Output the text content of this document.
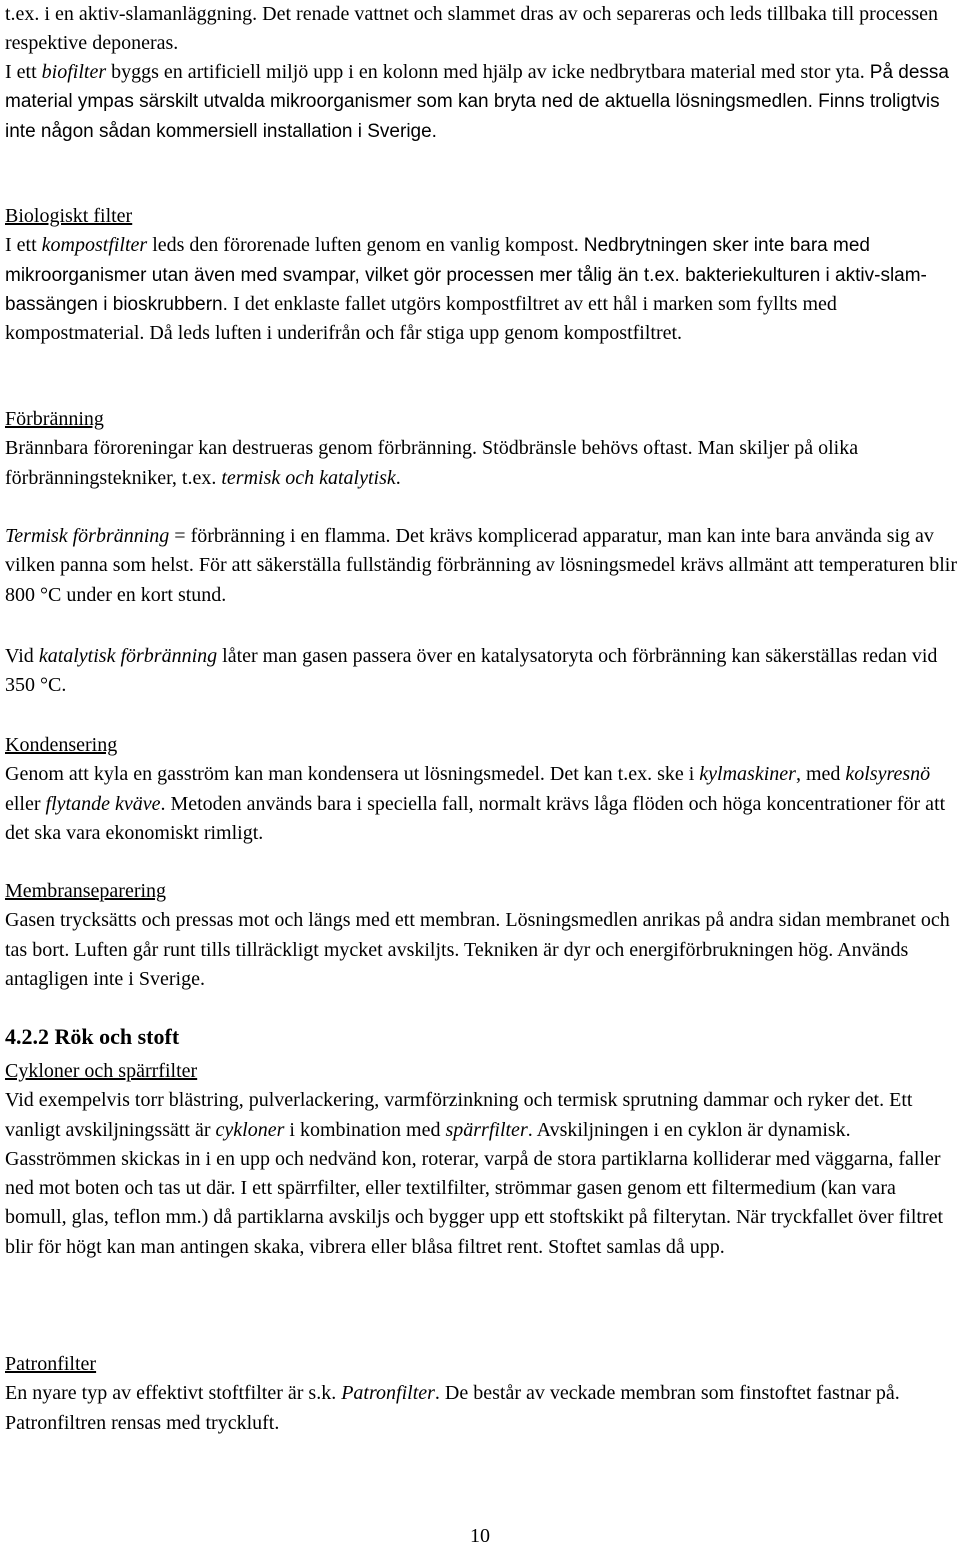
t.ex. i en aktiv-slamanläggning. Det renade vattnet och slammet dras av och separeras och leds tillbaka till processen respektive deponeras.

I ett biofilter byggs en artificiell miljö upp i en kolonn med hjälp av icke nedbrytbara material med stor yta. På dessa material ympas särskilt utvalda mikroorganismer som kan bryta ned de aktuella lösningsmedlen. Finns troligtvis inte någon sådan kommersiell installation i Sverige.

Biologiskt filter
I ett kompostfilter leds den förorenade luften genom en vanlig kompost. Nedbrytningen sker inte bara med mikroorganismer utan även med svampar, vilket gör processen mer tålig än t.ex. bakteriekulturen i aktiv-slam-bassängen i bioskrubbern. I det enklaste fallet utgörs kompostfiltret av ett hål i marken som fyllts med kompostmaterial. Då leds luften i underifrån och får stiga upp genom kompostfiltret.

Förbränning
Brännbara föroreningar kan destrueras genom förbränning. Stödbränsle behövs oftast. Man skiljer på olika förbränningstekniker, t.ex. termisk och katalytisk.

Termisk förbränning = förbränning i en flamma. Det krävs komplicerad apparatur, man kan inte bara använda sig av vilken panna som helst. För att säkerställa fullständig förbränning av lösningsmedel krävs allmänt att temperaturen blir 800 °C under en kort stund.

Vid katalytisk förbränning låter man gasen passera över en katalysatoryta och förbränning kan säkerställas redan vid 350 °C.

Kondensering
Genom att kyla en gasström kan man kondensera ut lösningsmedel. Det kan t.ex. ske i kylmaskiner, med kolsyresnö eller flytande kväve. Metoden används bara i speciella fall, normalt krävs låga flöden och höga koncentrationer för att det ska vara ekonomiskt rimligt.

Membranseparering
Gasen trycksätts och pressas mot och längs med ett membran. Lösningsmedlen anrikas på andra sidan membranet och tas bort. Luften går runt tills tillräckligt mycket avskiljts. Tekniken är dyr och energiförbrukningen hög. Används antagligen inte i Sverige.

4.2.2 Rök och stoft

Cykloner och spärrfilter
Vid exempelvis torr blästring, pulverlackering, varmförzinkning och termisk sprutning dammar och ryker det. Ett vanligt avskiljningssätt är cykloner i kombination med spärrfilter. Avskiljningen i en cyklon är dynamisk. Gasströmmen skickas in i en upp och nedvänd kon, roterar, varpå de stora partiklarna kolliderar med väggarna, faller ned mot boten och tas ut där. I ett spärrfilter, eller textilfilter, strömmar gasen genom ett filtermedium (kan vara bomull, glas, teflon mm.) då partiklarna avskiljs och bygger upp ett stoftskikt på filterytan. När tryckfallet över filtret blir för högt kan man antingen skaka, vibrera eller blåsa filtret rent. Stoftet samlas då upp.

Patronfilter
En nyare typ av effektivt stoftfilter är s.k. Patronfilter. De består av veckade membran som finstoftet fastnar på. Patronfiltren rensas med tryckluft.

10
